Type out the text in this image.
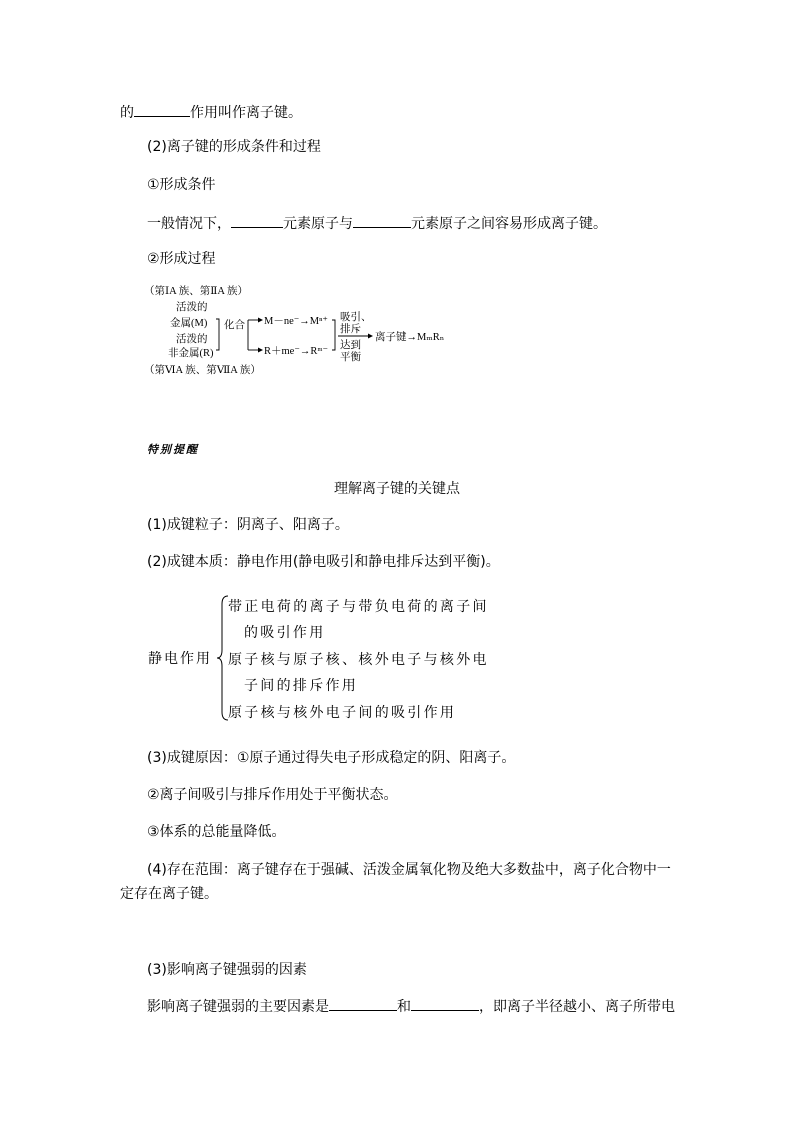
的	作用叫作离子键。
(2)离子键的形成条件和过程
①形成条件
一般情况下，	元素原子与	元素原子之间容易形成离子键。
②形成过程
（第ⅠA 族、第ⅡA 族）
活泼的
金属(M)
活泼的
非金属(R)
（第ⅥA 族、第ⅦA 族）
化合 M－ne⁻→Mⁿ⁺
R＋me⁻→Rᵐ⁻
吸引、
排斥
达到
平衡
离子键→MₘRₙ
特别提醒
理解离子键的关键点
(1)成键粒子：阴离子、阳离子。
(2)成键本质：静电作用(静电吸引和静电排斥达到平衡)。
静电作用
带正电荷的离子与带负电荷的离子间
的吸引作用
原子核与原子核、核外电子与核外电
子间的排斥作用
原子核与核外电子间的吸引作用
(3)成键原因：①原子通过得失电子形成稳定的阴、阳离子。
②离子间吸引与排斥作用处于平衡状态。
③体系的总能量降低。
(4)存在范围：离子键存在于强碱、活泼金属氧化物及绝大多数盐中，离子化合物中一
定存在离子键。
(3)影响离子键强弱的因素
影响离子键强弱的主要因素是	和	，即离子半径越小、离子所带电
